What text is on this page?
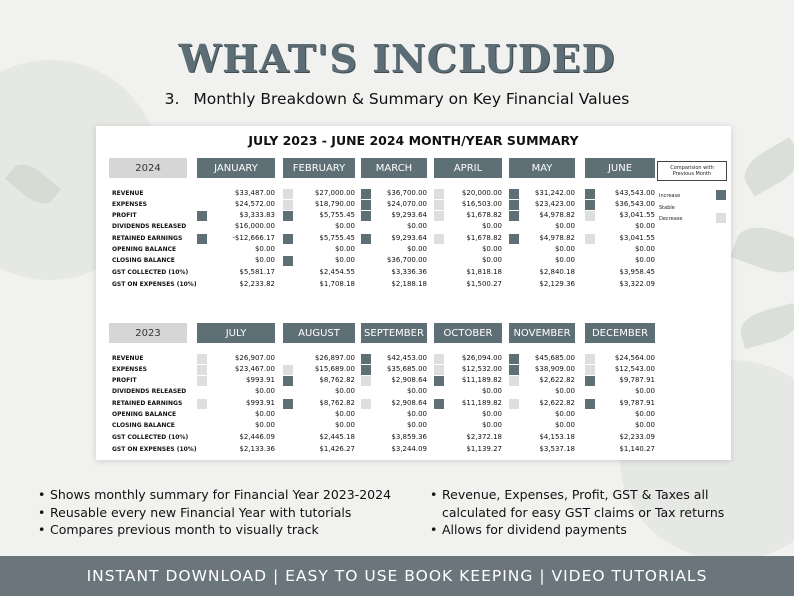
WHAT'S INCLUDED
3. Monthly Breakdown & Summary on Key Financial Values
JULY 2023 - JUNE 2024 MONTH/YEAR SUMMARY
2024
REVENUE
EXPENSES
PROFIT
DIVIDENDS RELEASED
RETAINED EARNINGS
OPENING BALANCE
CLOSING BALANCE
GST COLLECTED (10%)
GST ON EXPENSES (10%)
JANUARY
$33,487.00
$24,572.00
$3,333.83
$16,000.00
-$12,666.17
$0.00
$0.00
$5,581.17
$2,233.82
FEBRUARY
$27,000.00
$18,790.00
$5,755.45
$0.00
$5,755.45
$0.00
$0.00
$2,454.55
$1,708.18
MARCH
$36,700.00
$24,070.00
$9,293.64
$0.00
$9,293.64
$0.00
$36,700.00
$3,336.36
$2,188.18
APRIL
$20,000.00
$16,503.00
$1,678.82
$0.00
$1,678.82
$0.00
$0.00
$1,818.18
$1,500.27
MAY
$31,242.00
$23,423.00
$4,978.82
$0.00
$4,978.82
$0.00
$0.00
$2,840.18
$2,129.36
JUNE
$43,543.00
$36,543.00
$3,041.55
$0.00
$3,041.55
$0.00
$0.00
$3,958.45
$3,322.09
2023
REVENUE
EXPENSES
PROFIT
DIVIDENDS RELEASED
RETAINED EARNINGS
OPENING BALANCE
CLOSING BALANCE
GST COLLECTED (10%)
GST ON EXPENSES (10%)
JULY
$26,907.00
$23,467.00
$993.91
$0.00
$993.91
$0.00
$0.00
$2,446.09
$2,133.36
AUGUST
$26,897.00
$15,689.00
$8,762.82
$0.00
$8,762.82
$0.00
$0.00
$2,445.18
$1,426.27
SEPTEMBER
$42,453.00
$35,685.00
$2,908.64
$0.00
$2,908.64
$0.00
$0.00
$3,859.36
$3,244.09
OCTOBER
$26,094.00
$12,532.00
$11,189.82
$0.00
$11,189.82
$0.00
$0.00
$2,372.18
$1,139.27
NOVEMBER
$45,685.00
$38,909.00
$2,622.82
$0.00
$2,622.82
$0.00
$0.00
$4,153.18
$3,537.18
DECEMBER
$24,564.00
$12,543.00
$9,787.91
$0.00
$9,787.91
$0.00
$0.00
$2,233.09
$1,140.27
Comparision with Previous Month
Increase
Stable
Decrease
• Shows monthly summary for Financial Year 2023-2024
• Reusable every new Financial Year with tutorials
• Compares previous month to visually track
• Revenue, Expenses, Profit, GST & Taxes all calculated for easy GST claims or Tax returns
• Allows for dividend payments
INSTANT DOWNLOAD | EASY TO USE BOOK KEEPING | VIDEO TUTORIALS
